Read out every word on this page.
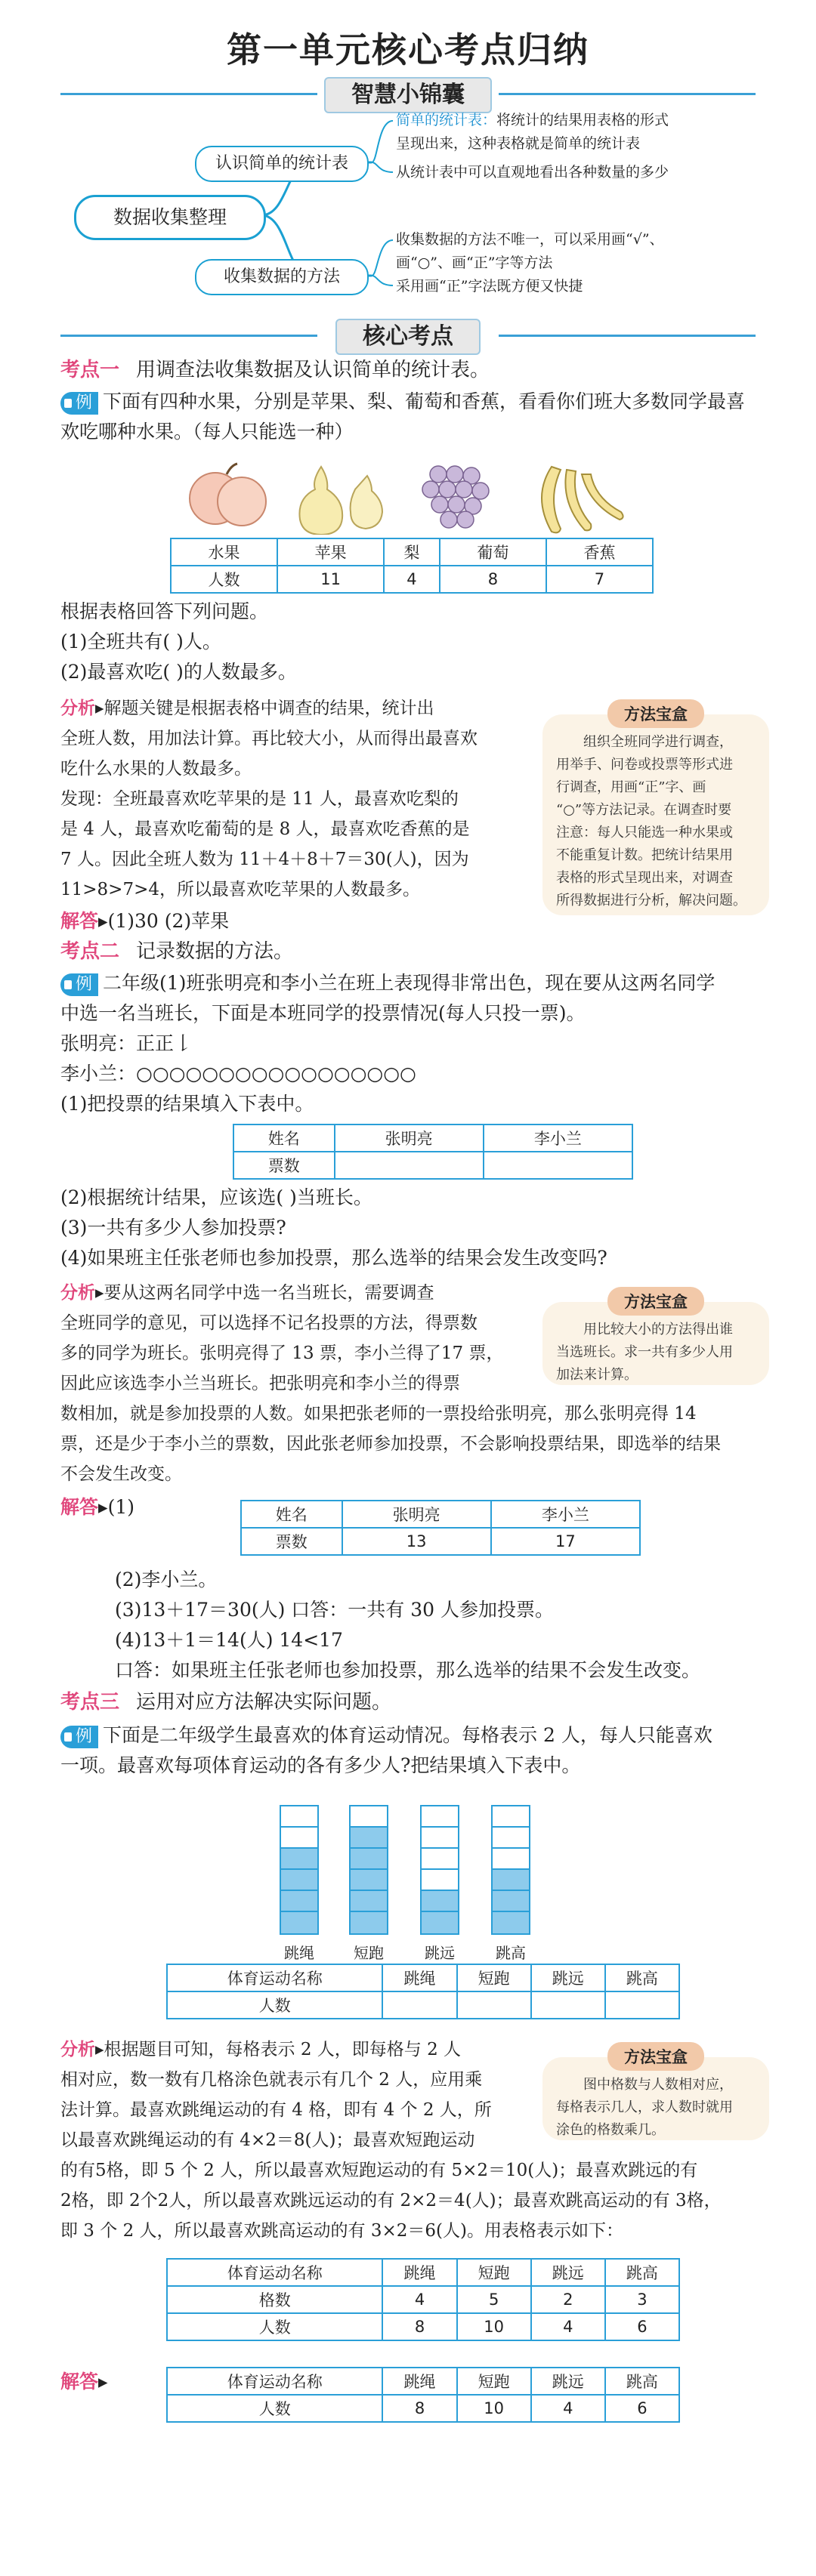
第一单元核心考点归纳
智慧小锦囊
数据收集整理
认识简单的统计表
收集数据的方法
简单的统计表：将统计的结果用表格的形式
呈现出来，这种表格就是简单的统计表
从统计表中可以直观地看出各种数量的多少
收集数据的方法不唯一，可以采用画“√”、
画“○”、画“正”字等方法
采用画“正”字法既方便又快捷
核心考点
考点一 用调查法收集数据及认识简单的统计表。
例 下面有四种水果，分别是苹果、梨、葡萄和香蕉，看看你们班大多数同学最喜
欢吃哪种水果。（每人只能选一种）
水果	苹果	梨	葡萄	香蕉
人数	11	4	8	7
根据表格回答下列问题。
(1)全班共有( )人。
(2)最喜欢吃( )的人数最多。
分析▸解题关键是根据表格中调查的结果，统计出
全班人数，用加法计算。再比较大小，从而得出最喜欢
吃什么水果的人数最多。
发现：全班最喜欢吃苹果的是 11 人，最喜欢吃梨的
是 4 人，最喜欢吃葡萄的是 8 人，最喜欢吃香蕉的是
7 人。因此全班人数为 11＋4＋8＋7＝30(人)，因为
11>8>7>4，所以最喜欢吃苹果的人数最多。
方法宝盒
组织全班同学进行调查，
用举手、问卷或投票等形式进
行调查，用画“正”字、画
“○”等方法记录。在调查时要
注意：每人只能选一种水果或
不能重复计数。把统计结果用
表格的形式呈现出来，对调查
所得数据进行分析，解决问题。
解答▸(1)30 (2)苹果
考点二 记录数据的方法。
例 二年级(1)班张明亮和李小兰在班上表现得非常出色，现在要从这两名同学
中选一名当班长，下面是本班同学的投票情况(每人只投一票)。
张明亮：正正𠄌
李小兰：○○○○○○○○○○○○○○○○○
(1)把投票的结果填入下表中。
姓名	张明亮	李小兰
票数		
(2)根据统计结果，应该选( )当班长。
(3)一共有多少人参加投票?
(4)如果班主任张老师也参加投票，那么选举的结果会发生改变吗?
分析▸要从这两名同学中选一名当班长，需要调查
全班同学的意见，可以选择不记名投票的方法，得票数
多的同学为班长。张明亮得了 13 票，李小兰得了17 票，
因此应该选李小兰当班长。把张明亮和李小兰的得票
数相加，就是参加投票的人数。如果把张老师的一票投给张明亮，那么张明亮得 14
票，还是少于李小兰的票数，因此张老师参加投票，不会影响投票结果，即选举的结果
不会发生改变。
方法宝盒
用比较大小的方法得出谁
当选班长。求一共有多少人用
加法来计算。
解答▸(1)	姓名	张明亮	李小兰
票数	13	17
(2)李小兰。
(3)13＋17＝30(人) 口答：一共有 30 人参加投票。
(4)13＋1＝14(人) 14<17
口答：如果班主任张老师也参加投票，那么选举的结果不会发生改变。
考点三 运用对应方法解决实际问题。
例 下面是二年级学生最喜欢的体育运动情况。每格表示 2 人，每人只能喜欢
一项。最喜欢每项体育运动的各有多少人?把结果填入下表中。
跳绳	短跑	跳远	跳高
体育运动名称	跳绳	短跑	跳远	跳高
人数				
分析▸根据题目可知，每格表示 2 人，即每格与 2 人
相对应，数一数有几格涂色就表示有几个 2 人，应用乘
法计算。最喜欢跳绳运动的有 4 格，即有 4 个 2 人，所
以最喜欢跳绳运动的有 4×2＝8(人)；最喜欢短跑运动
的有5格，即 5 个 2 人，所以最喜欢短跑运动的有 5×2＝10(人)；最喜欢跳远的有
2格，即 2个2人，所以最喜欢跳远运动的有 2×2＝4(人)；最喜欢跳高运动的有 3格，
即 3 个 2 人，所以最喜欢跳高运动的有 3×2＝6(人)。用表格表示如下：
方法宝盒
图中格数与人数相对应，
每格表示几人，求人数时就用
涂色的格数乘几。
体育运动名称	跳绳	短跑	跳远	跳高
格数	4	5	2	3
人数	8	10	4	6
解答▸	体育运动名称	跳绳	短跑	跳远	跳高
人数	8	10	4	6
